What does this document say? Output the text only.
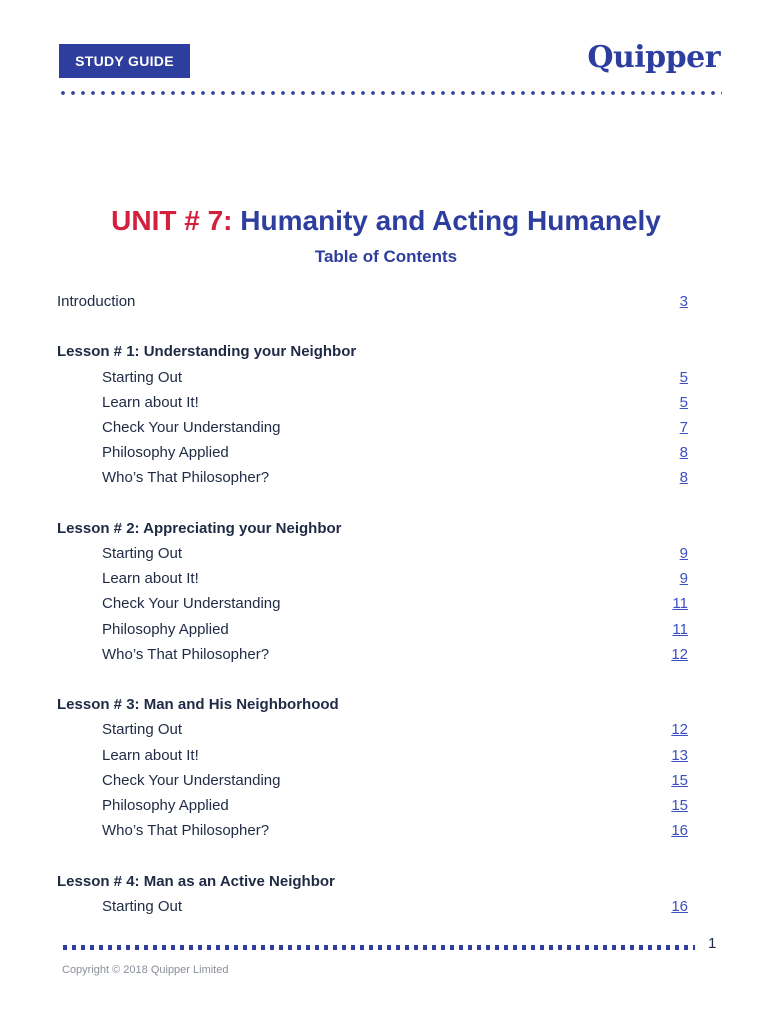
STUDY GUIDE	Quipper
UNIT # 7: Humanity and Acting Humanely
Table of Contents
Introduction	3
Lesson # 1: Understanding your Neighbor
Starting Out	5
Learn about It!	5
Check Your Understanding	7
Philosophy Applied	8
Who’s That Philosopher?	8
Lesson # 2: Appreciating your Neighbor
Starting Out	9
Learn about It!	9
Check Your Understanding	11
Philosophy Applied	11
Who’s That Philosopher?	12
Lesson # 3: Man and His Neighborhood
Starting Out	12
Learn about It!	13
Check Your Understanding	15
Philosophy Applied	15
Who’s That Philosopher?	16
Lesson # 4: Man as an Active Neighbor
Starting Out	16
1
Copyright © 2018 Quipper Limited
